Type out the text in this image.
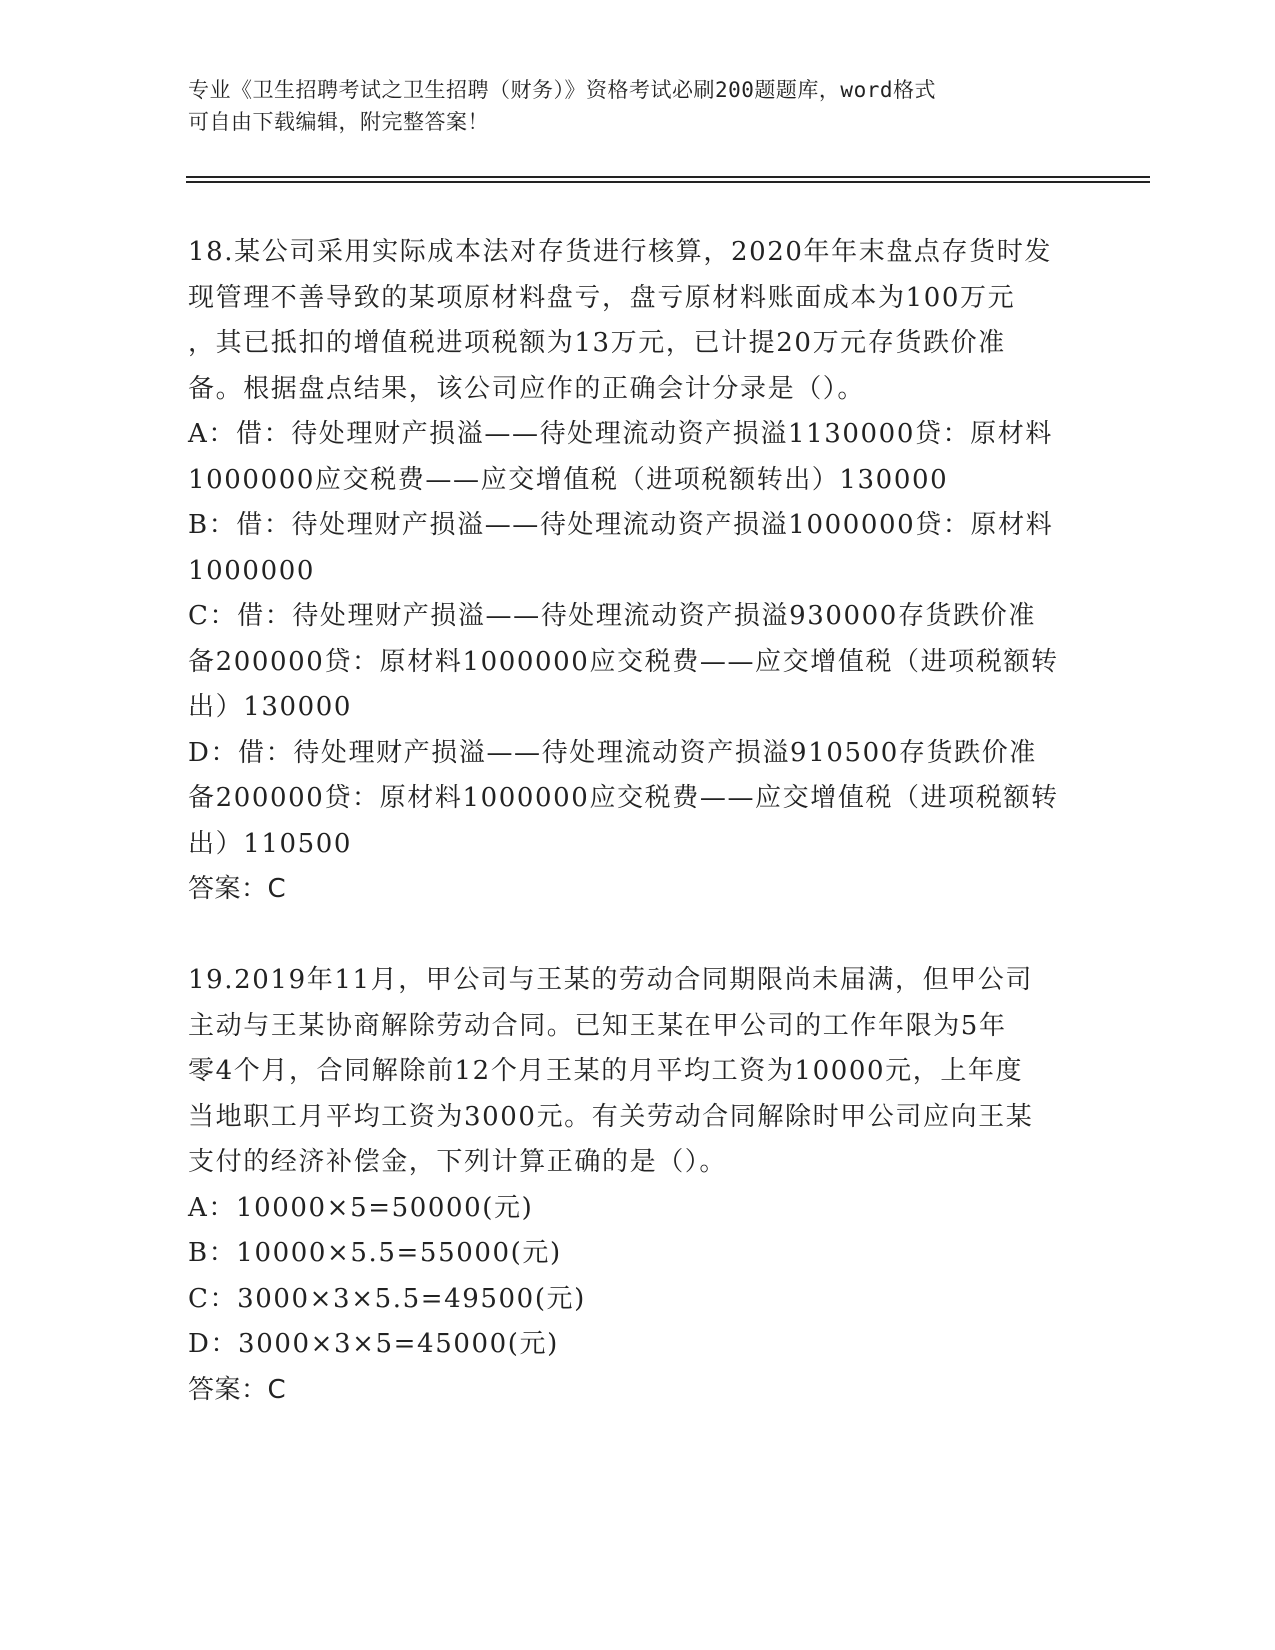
专业《卫生招聘考试之卫生招聘（财务）》资格考试必刷200题题库，word格式
可自由下载编辑，附完整答案！
18.某公司采用实际成本法对存货进行核算，2020年年末盘点存货时发
现管理不善导致的某项原材料盘亏，盘亏原材料账面成本为100万元
，其已抵扣的增值税进项税额为13万元，已计提20万元存货跌价准
备。根据盘点结果，该公司应作的正确会计分录是（）。
A：借：待处理财产损溢——待处理流动资产损溢1130000贷：原材料
1000000应交税费——应交增值税（进项税额转出）130000
B：借：待处理财产损溢——待处理流动资产损溢1000000贷：原材料
1000000
C：借：待处理财产损溢——待处理流动资产损溢930000存货跌价准
备200000贷：原材料1000000应交税费——应交增值税（进项税额转
出）130000
D：借：待处理财产损溢——待处理流动资产损溢910500存货跌价准
备200000贷：原材料1000000应交税费——应交增值税（进项税额转
出）110500
答案：C
19.2019年11月，甲公司与王某的劳动合同期限尚未届满，但甲公司
主动与王某协商解除劳动合同。已知王某在甲公司的工作年限为5年
零4个月，合同解除前12个月王某的月平均工资为10000元，上年度
当地职工月平均工资为3000元。有关劳动合同解除时甲公司应向王某
支付的经济补偿金，下列计算正确的是（）。
A：10000×5=50000(元)
B：10000×5.5=55000(元)
C：3000×3×5.5=49500(元)
D：3000×3×5=45000(元)
答案：C
